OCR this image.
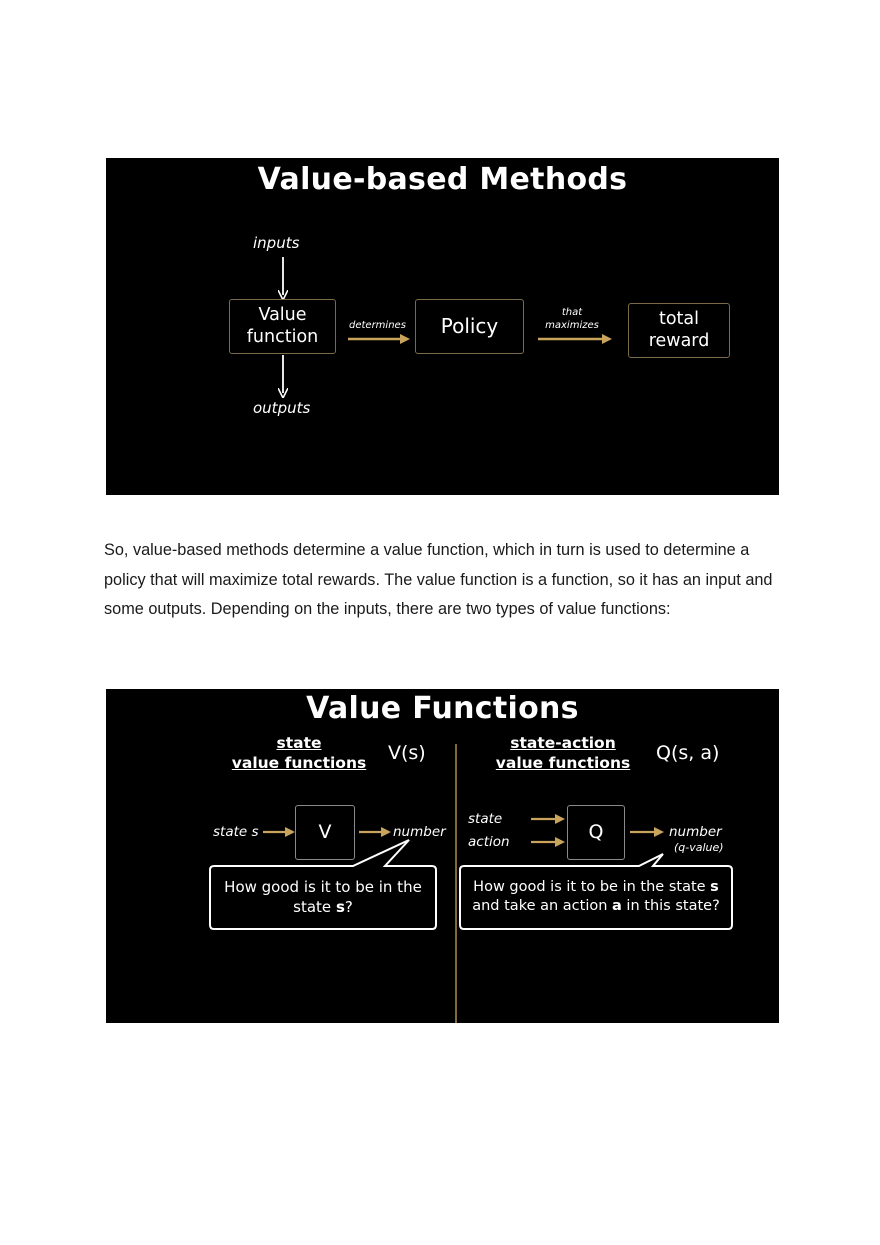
Value-based Methods
inputs
outputs
Value
function
determines Policy
that
maximizes	total
reward

So, value-based methods determine a value function, which in turn is used to determine a policy that will maximize total rewards. The value function is a function, so it has an input and some outputs. Depending on the inputs, there are two types of value functions:

Value Functions
state
value functions V(s)	state-action
value functions Q(s, a)
state s	V	number
state
action	Q	number
(q-value)
How good is it to be in the state s?
How good is it to be in the state s
and take an action a in this state?
